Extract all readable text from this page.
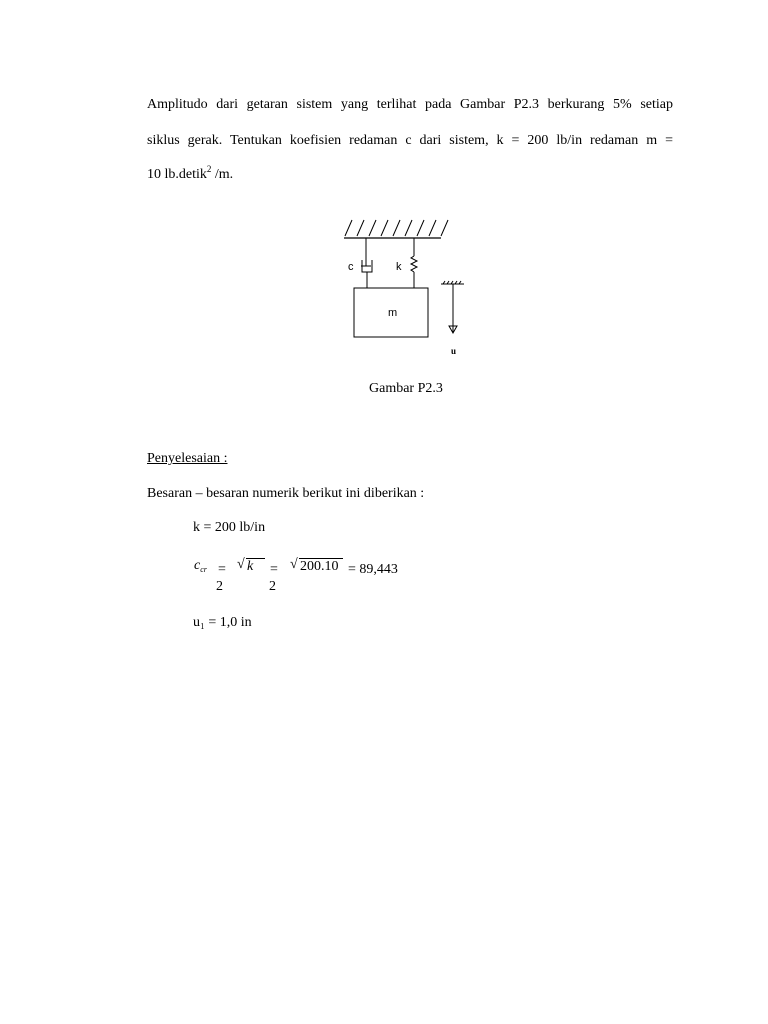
Amplitudo dari getaran sistem yang terlihat pada Gambar P2.3 berkurang 5% setiap
siklus gerak. Tentukan koefisien redaman c dari sistem, k = 200 lb/in redaman m =
10 lb.detik$^2$ /m.
c	k
m
u
Gambar P2.3
Penyelesaian :
Besaran – besaran numerik berikut ini diberikan :
k = 200 lb/in
$c_{cr}$ = √ k = √ 200.10 = 89,443
2	2
u₁ = 1,0 in
